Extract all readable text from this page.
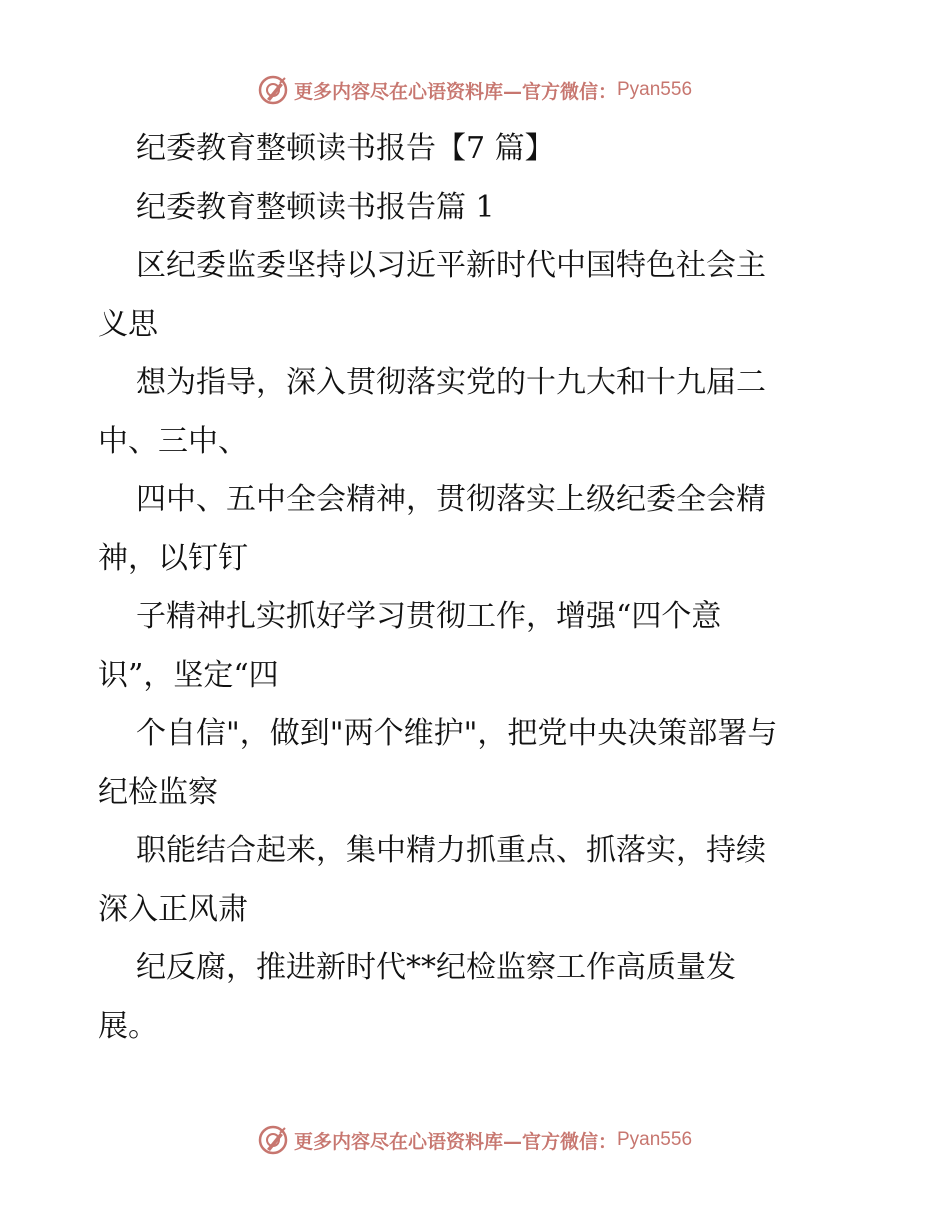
更多内容尽在心语资料库—官方微信： Pyan556
纪委教育整顿读书报告【7 篇】
纪委教育整顿读书报告篇 1
区纪委监委坚持以习近平新时代中国特色社会主
义思
想为指导，深入贯彻落实党的十九大和十九届二
中、三中、
四中、五中全会精神，贯彻落实上级纪委全会精
神，以钉钉
子精神扎实抓好学习贯彻工作，增强“四个意
识”，坚定“四
个自信"，做到"两个维护"，把党中央决策部署与
纪检监察
职能结合起来，集中精力抓重点、抓落实，持续
深入正风肃
纪反腐，推进新时代**纪检监察工作高质量发
展。
更多内容尽在心语资料库—官方微信： Pyan556
